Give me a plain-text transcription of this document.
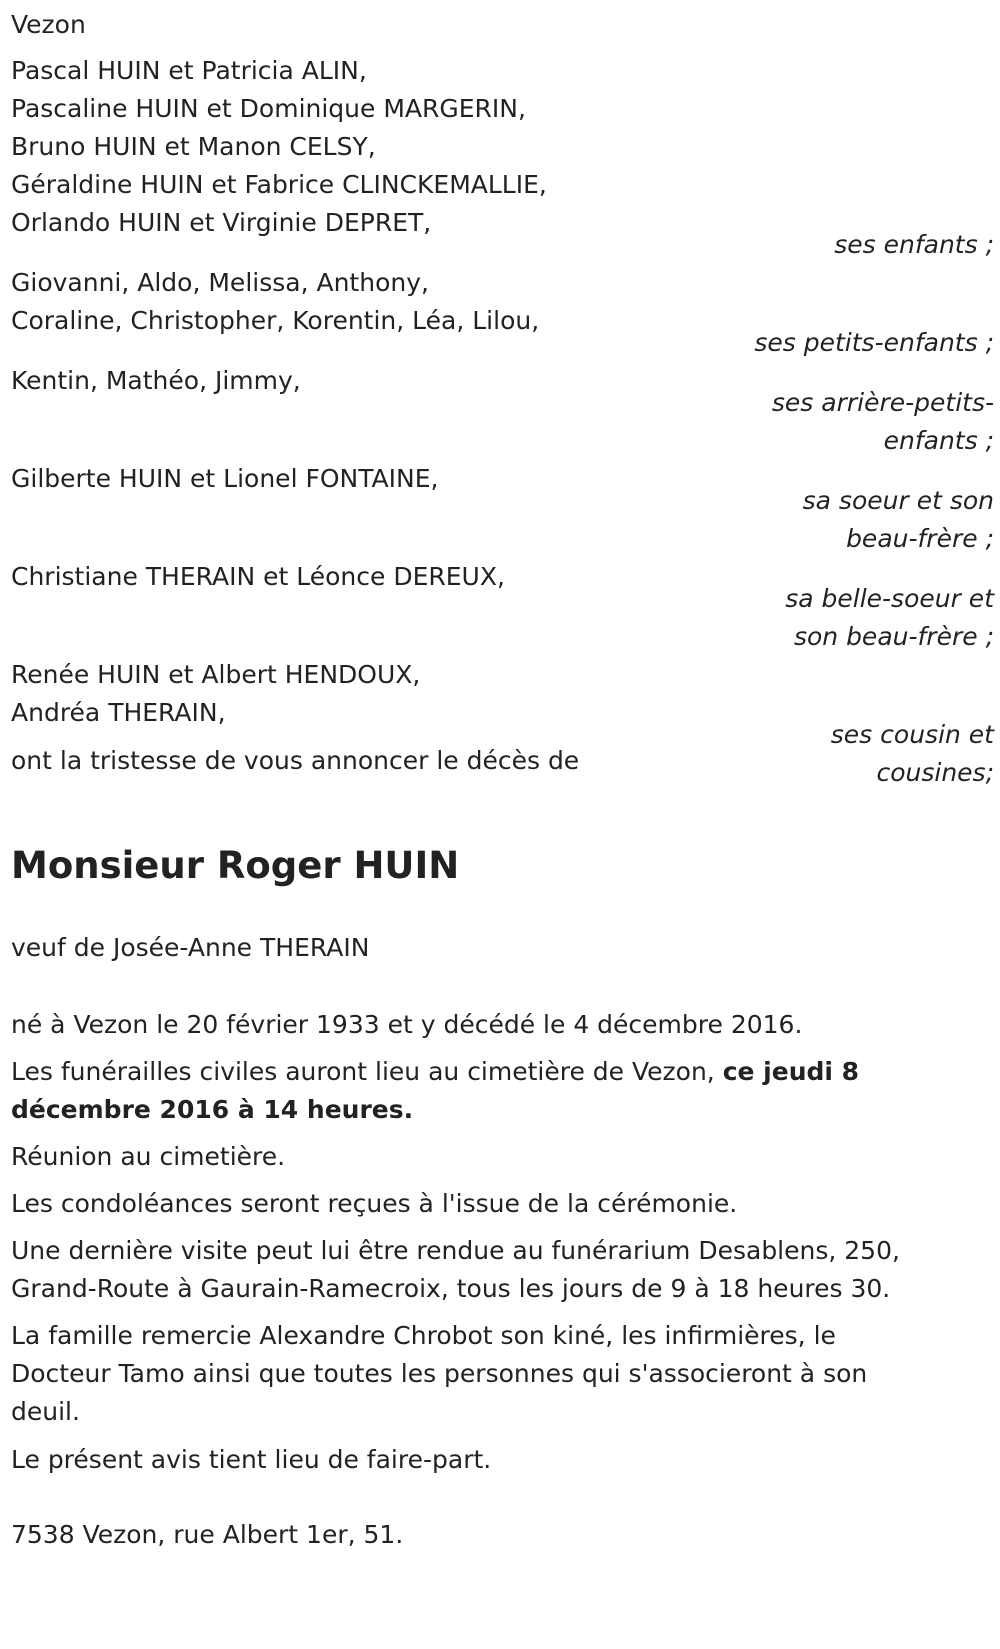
Vezon
Pascal HUIN et Patricia ALIN,
Pascaline HUIN et Dominique MARGERIN,
Bruno HUIN et Manon CELSY,
Géraldine HUIN et Fabrice CLINCKEMALLIE,
Orlando HUIN et Virginie DEPRET,
ses enfants ;
Giovanni, Aldo, Melissa, Anthony,
Coraline, Christopher, Korentin, Léa, Lilou,
ses petits-enfants ;
Kentin, Mathéo, Jimmy,
ses arrière-petits-
enfants ;
Gilberte HUIN et Lionel FONTAINE,
sa soeur et son
beau-frère ;
Christiane THERAIN et Léonce DEREUX,
sa belle-soeur et
son beau-frère ;
Renée HUIN et Albert HENDOUX,
Andréa THERAIN,
ses cousin et
cousines;
ont la tristesse de vous annoncer le décès de
Monsieur Roger HUIN
veuf de Josée-Anne THERAIN
né à Vezon le 20 février 1933 et y décédé le 4 décembre 2016.
Les funérailles civiles auront lieu au cimetière de Vezon, ce jeudi 8
décembre 2016 à 14 heures.
Réunion au cimetière.
Les condoléances seront reçues à l'issue de la cérémonie.
Une dernière visite peut lui être rendue au funérarium Desablens, 250,
Grand-Route à Gaurain-Ramecroix, tous les jours de 9 à 18 heures 30.
La famille remercie Alexandre Chrobot son kiné, les infirmières, le
Docteur Tamo ainsi que toutes les personnes qui s'associeront à son
deuil.
Le présent avis tient lieu de faire-part.
7538 Vezon, rue Albert 1er, 51.
